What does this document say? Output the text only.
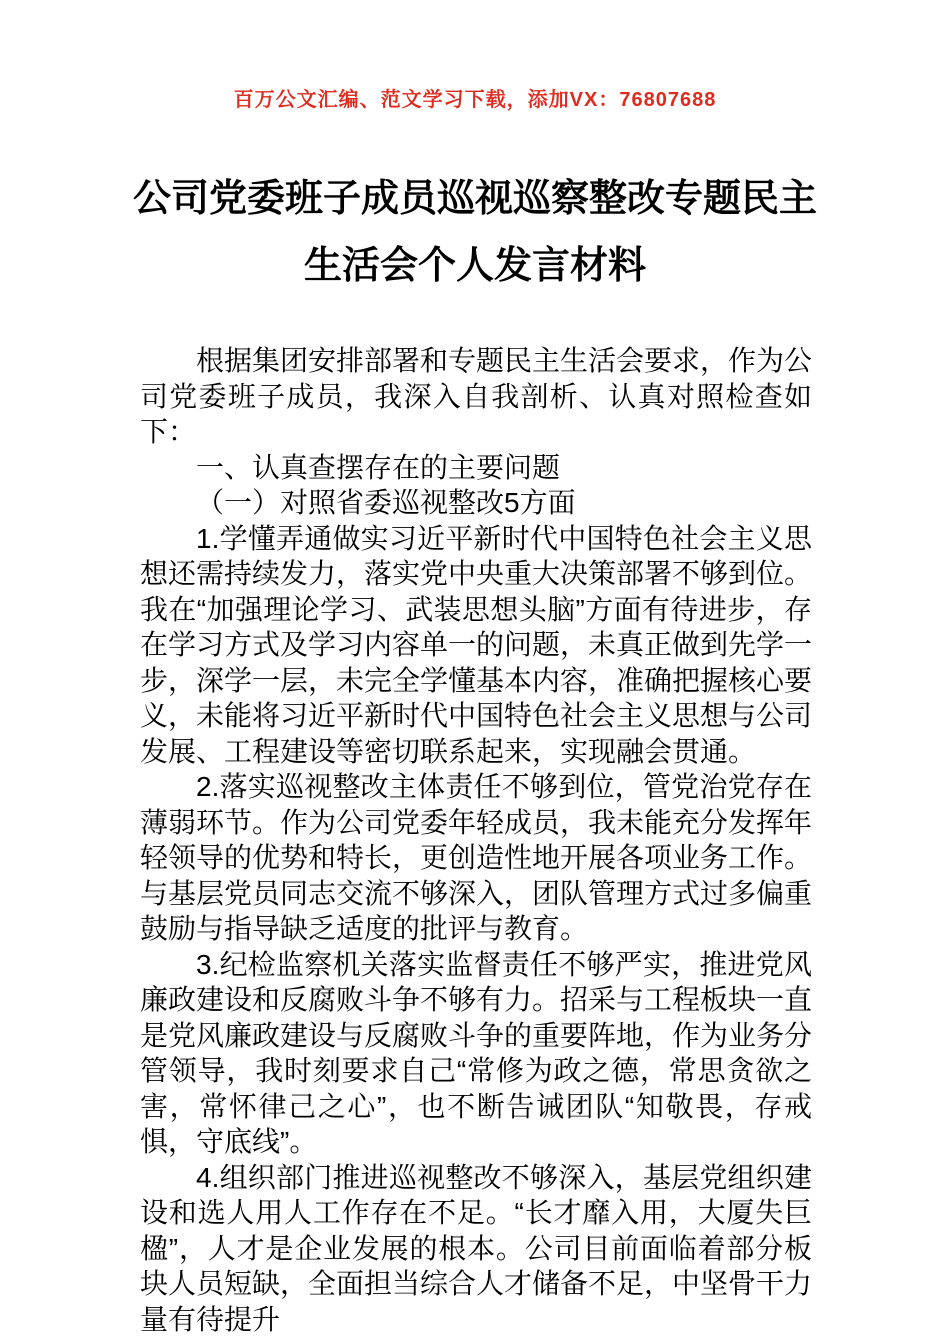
百万公文汇编、范文学习下载，添加VX：76807688
公司党委班子成员巡视巡察整改专题民主
生活会个人发言材料

根据集团安排部署和专题民主生活会要求，作为公司党委班子成员，我深入自我剖析、认真对照检查如下：

一、认真查摆存在的主要问题

（一）对照省委巡视整改5方面

1.学懂弄通做实习近平新时代中国特色社会主义思想还需持续发力，落实党中央重大决策部署不够到位。我在“加强理论学习、武装思想头脑”方面有待进步，存在学习方式及学习内容单一的问题，未真正做到先学一步，深学一层，未完全学懂基本内容，准确把握核心要义，未能将习近平新时代中国特色社会主义思想与公司发展、工程建设等密切联系起来，实现融会贯通。

2.落实巡视整改主体责任不够到位，管党治党存在薄弱环节。作为公司党委年轻成员，我未能充分发挥年轻领导的优势和特长，更创造性地开展各项业务工作。与基层党员同志交流不够深入，团队管理方式过多偏重鼓励与指导缺乏适度的批评与教育。

3.纪检监察机关落实监督责任不够严实，推进党风廉政建设和反腐败斗争不够有力。招采与工程板块一直是党风廉政建设与反腐败斗争的重要阵地，作为业务分管领导，我时刻要求自己“常修为政之德，常思贪欲之害，常怀律己之心”，也不断告诫团队“知敬畏，存戒惧，守底线”。

4.组织部门推进巡视整改不够深入，基层党组织建设和选人用人工作存在不足。“长才靡入用，大厦失巨楹”，人才是企业发展的根本。公司目前面临着部分板块人员短缺，全面担当综合人才储备不足，中坚骨干力量有待提升
